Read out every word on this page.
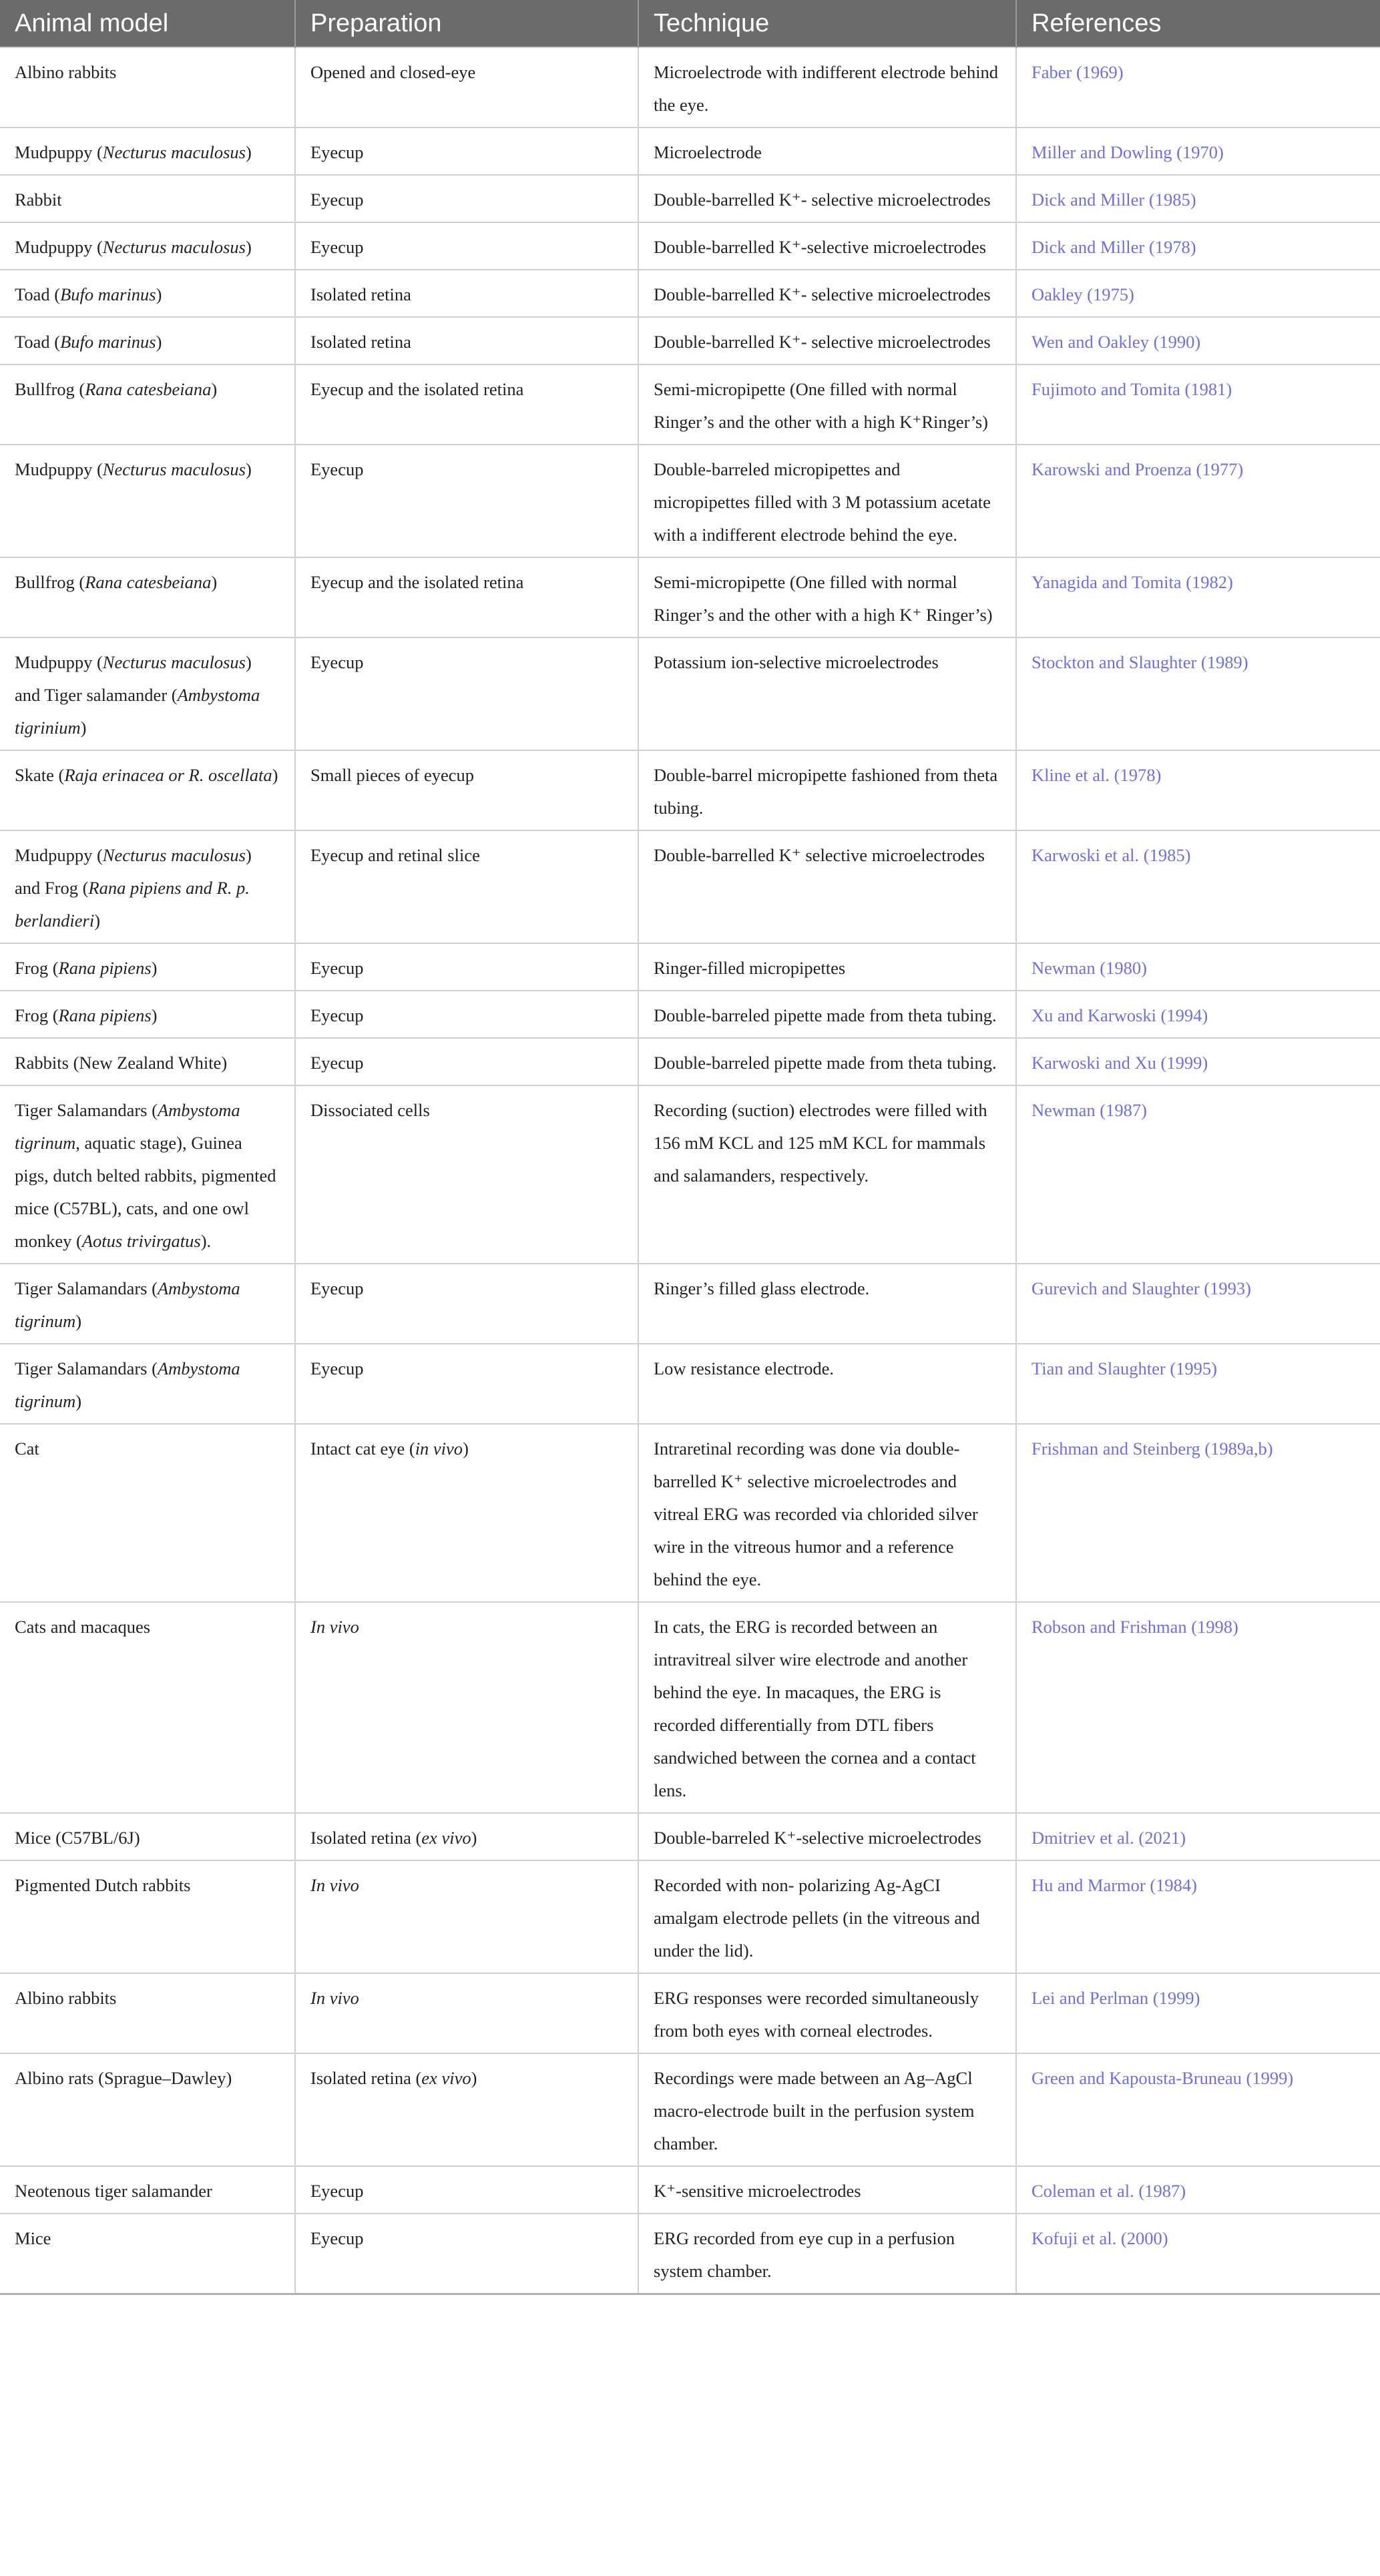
Animal model	Preparation	Technique	References
Albino rabbits	Opened and closed-eye	Microelectrode with indifferent electrode behind the eye.	Faber (1969)
Mudpuppy (Necturus maculosus)	Eyecup	Microelectrode	Miller and Dowling (1970)
Rabbit	Eyecup	Double-barrelled K⁺- selective microelectrodes	Dick and Miller (1985)
Mudpuppy (Necturus maculosus)	Eyecup	Double-barrelled K⁺-selective microelectrodes	Dick and Miller (1978)
Toad (Bufo marinus)	Isolated retina	Double-barrelled K⁺- selective microelectrodes	Oakley (1975)
Toad (Bufo marinus)	Isolated retina	Double-barrelled K⁺- selective microelectrodes	Wen and Oakley (1990)
Bullfrog (Rana catesbeiana)	Eyecup and the isolated retina	Semi-micropipette (One filled with normal Ringer’s and the other with a high K⁺Ringer’s)	Fujimoto and Tomita (1981)
Mudpuppy (Necturus maculosus)	Eyecup	Double-barreled micropipettes and micropipettes filled with 3 M potassium acetate with a indifferent electrode behind the eye.	Karowski and Proenza (1977)
Bullfrog (Rana catesbeiana)	Eyecup and the isolated retina	Semi-micropipette (One filled with normal Ringer’s and the other with a high K⁺ Ringer’s)	Yanagida and Tomita (1982)
Mudpuppy (Necturus maculosus) and Tiger salamander (Ambystoma tigrinium)	Eyecup	Potassium ion-selective microelectrodes	Stockton and Slaughter (1989)
Skate (Raja erinacea or R. oscellata)	Small pieces of eyecup	Double-barrel micropipette fashioned from theta tubing.	Kline et al. (1978)
Mudpuppy (Necturus maculosus) and Frog (Rana pipiens and R. p. berlandieri)	Eyecup and retinal slice	Double-barrelled K⁺ selective microelectrodes	Karwoski et al. (1985)
Frog (Rana pipiens)	Eyecup	Ringer-filled micropipettes	Newman (1980)
Frog (Rana pipiens)	Eyecup	Double-barreled pipette made from theta tubing.	Xu and Karwoski (1994)
Rabbits (New Zealand White)	Eyecup	Double-barreled pipette made from theta tubing.	Karwoski and Xu (1999)
Tiger Salamandars (Ambystoma tigrinum, aquatic stage), Guinea pigs, dutch belted rabbits, pigmented mice (C57BL), cats, and one owl monkey (Aotus trivirgatus).	Dissociated cells	Recording (suction) electrodes were filled with 156 mM KCL and 125 mM KCL for mammals and salamanders, respectively.	Newman (1987)
Tiger Salamandars (Ambystoma tigrinum)	Eyecup	Ringer’s filled glass electrode.	Gurevich and Slaughter (1993)
Tiger Salamandars (Ambystoma tigrinum)	Eyecup	Low resistance electrode.	Tian and Slaughter (1995)
Cat	Intact cat eye (in vivo)	Intraretinal recording was done via double-barrelled K⁺ selective microelectrodes and vitreal ERG was recorded via chlorided silver wire in the vitreous humor and a reference behind the eye.	Frishman and Steinberg (1989a,b)
Cats and macaques	In vivo	In cats, the ERG is recorded between an intravitreal silver wire electrode and another behind the eye. In macaques, the ERG is recorded differentially from DTL fibers sandwiched between the cornea and a contact lens.	Robson and Frishman (1998)
Mice (C57BL/6J)	Isolated retina (ex vivo)	Double-barreled K⁺-selective microelectrodes	Dmitriev et al. (2021)
Pigmented Dutch rabbits	In vivo	Recorded with non- polarizing Ag-AgCI amalgam electrode pellets (in the vitreous and under the lid).	Hu and Marmor (1984)
Albino rabbits	In vivo	ERG responses were recorded simultaneously from both eyes with corneal electrodes.	Lei and Perlman (1999)
Albino rats (Sprague–Dawley)	Isolated retina (ex vivo)	Recordings were made between an Ag–AgCl macro-electrode built in the perfusion system chamber.	Green and Kapousta-Bruneau (1999)
Neotenous tiger salamander	Eyecup	K⁺-sensitive microelectrodes	Coleman et al. (1987)
Mice	Eyecup	ERG recorded from eye cup in a perfusion system chamber.	Kofuji et al. (2000)
